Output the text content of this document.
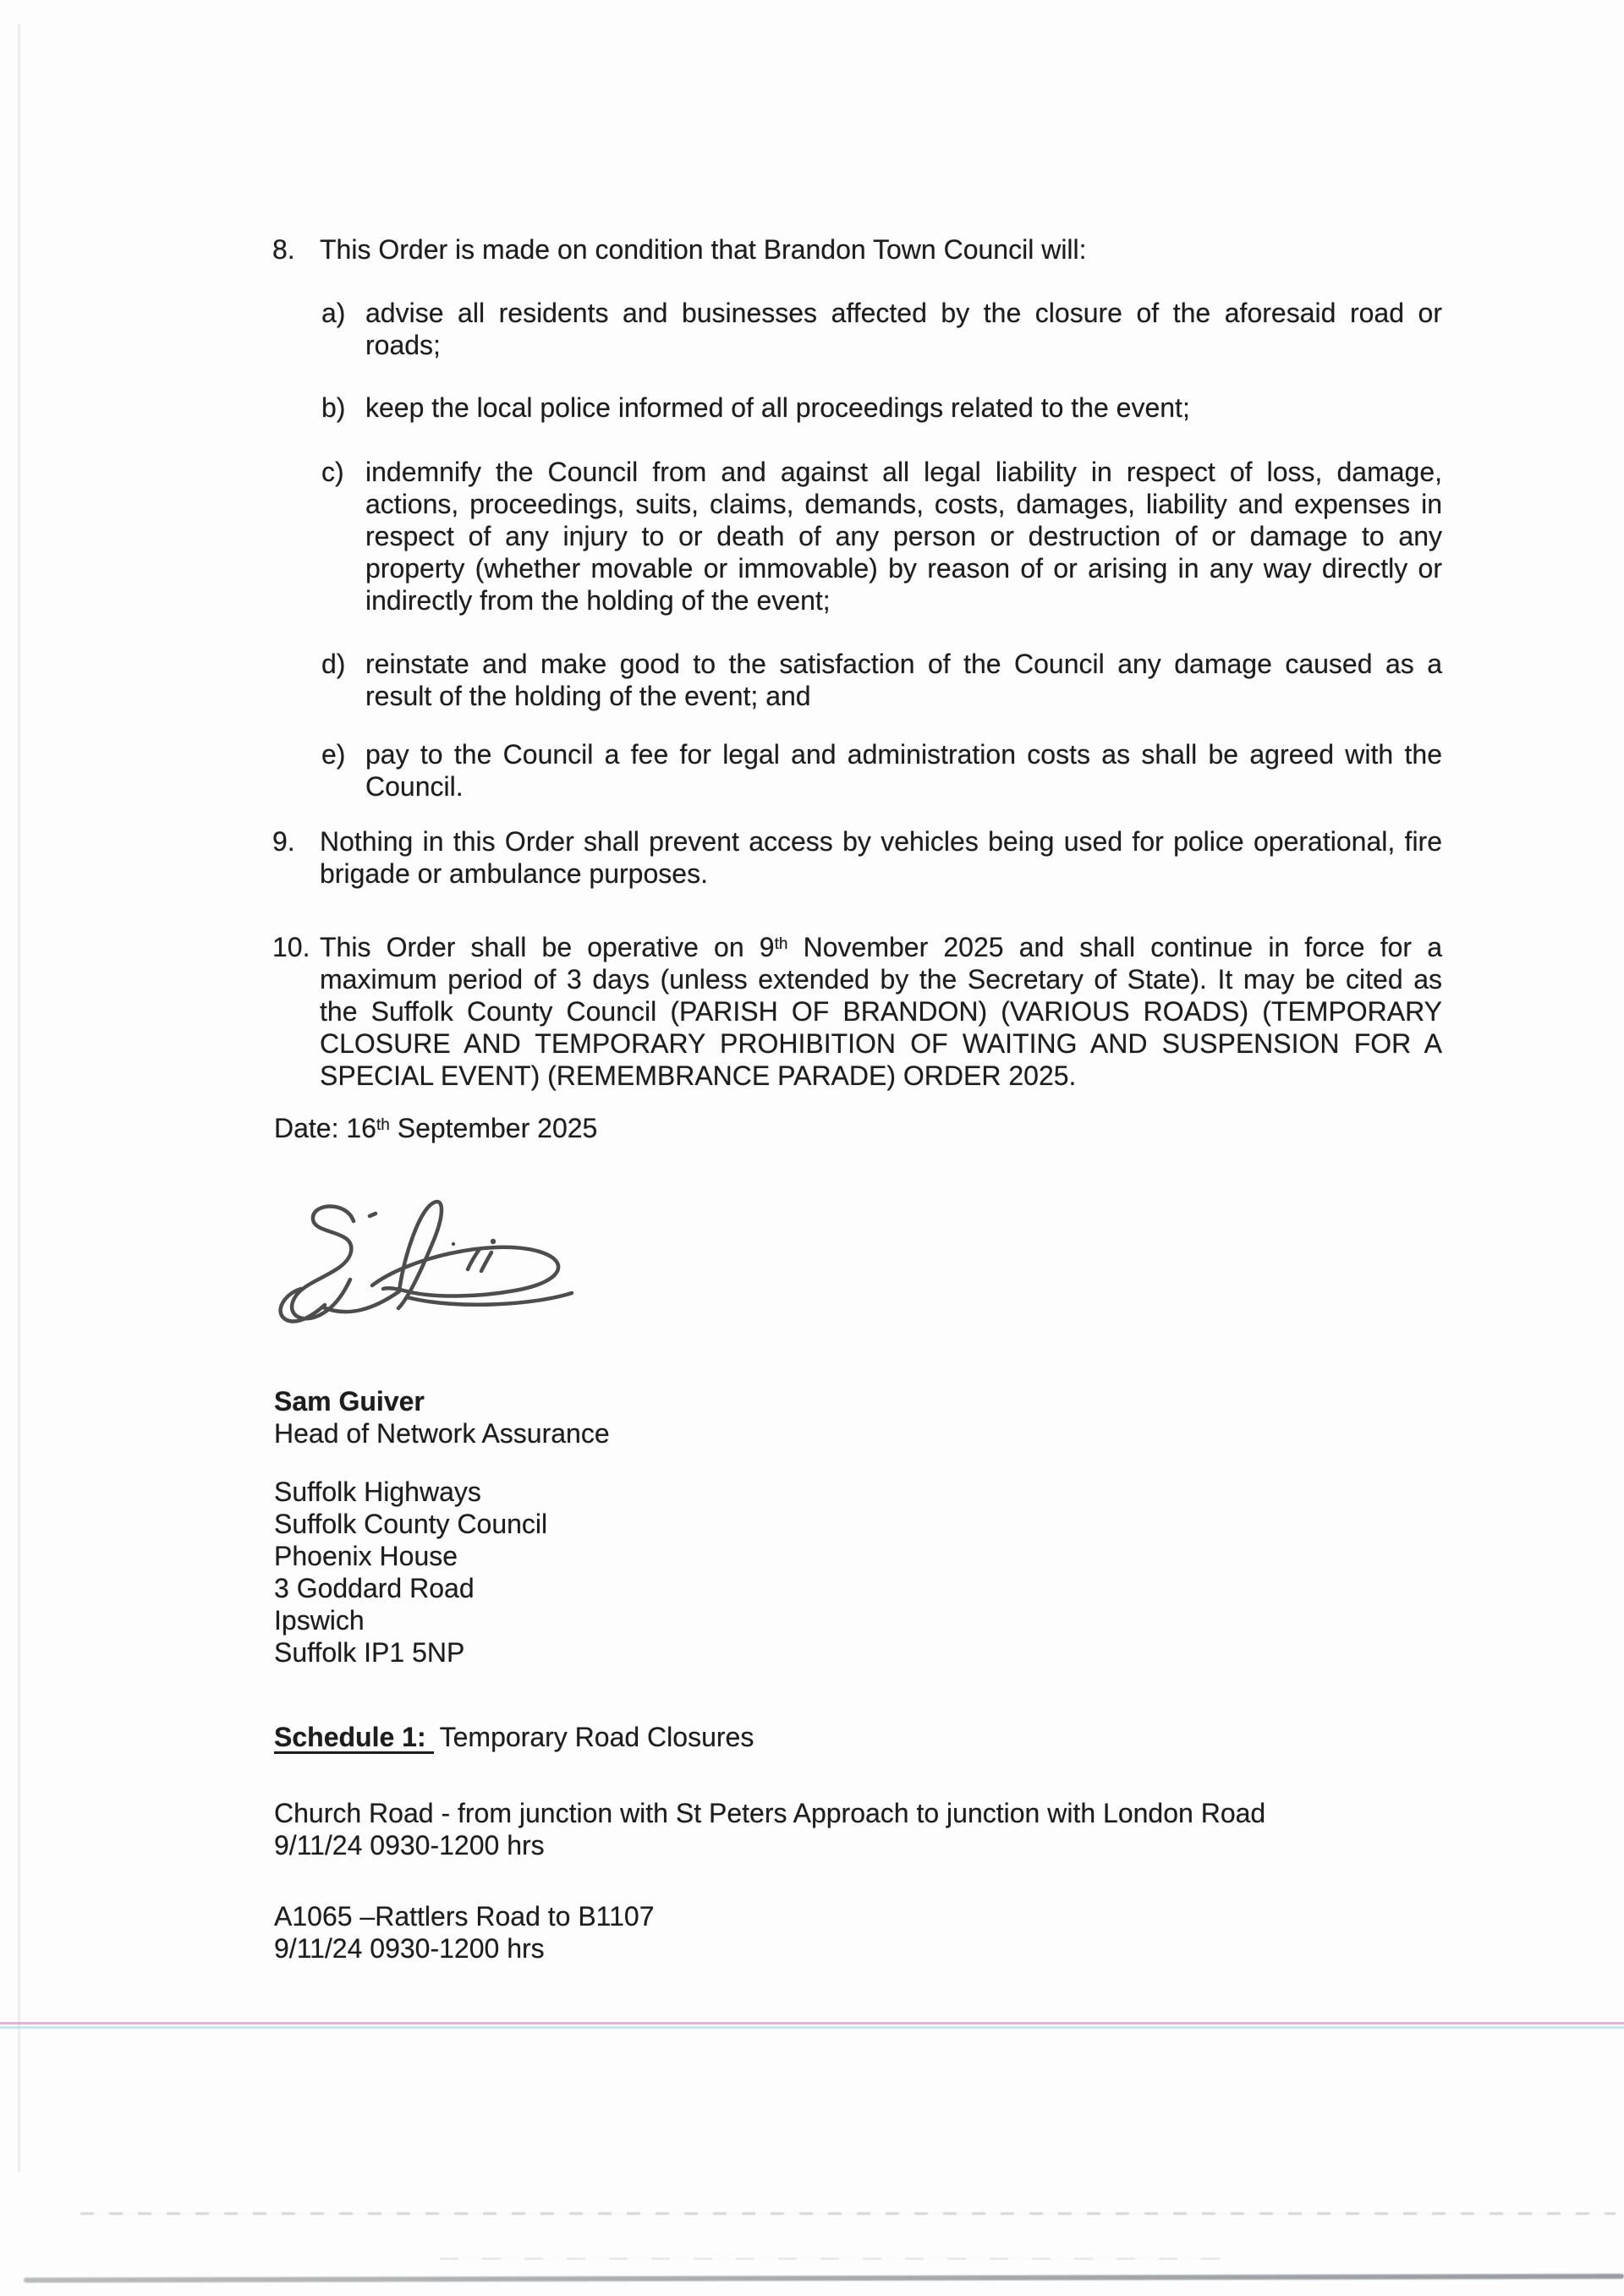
8. This Order is made on condition that Brandon Town Council will:
a) advise all residents and businesses affected by the closure of the aforesaid road or
roads;
b) keep the local police informed of all proceedings related to the event;
c) indemnify the Council from and against all legal liability in respect of loss, damage,
actions, proceedings, suits, claims, demands, costs, damages, liability and expenses in
respect of any injury to or death of any person or destruction of or damage to any
property (whether movable or immovable) by reason of or arising in any way directly or
indirectly from the holding of the event;
d) reinstate and make good to the satisfaction of the Council any damage caused as a
result of the holding of the event; and
e) pay to the Council a fee for legal and administration costs as shall be agreed with the
Council.
9. Nothing in this Order shall prevent access by vehicles being used for police operational, fire
brigade or ambulance purposes.
10. This Order shall be operative on 9th November 2025 and shall continue in force for a
maximum period of 3 days (unless extended by the Secretary of State). It may be cited as
the Suffolk County Council (PARISH OF BRANDON) (VARIOUS ROADS) (TEMPORARY
CLOSURE AND TEMPORARY PROHIBITION OF WAITING AND SUSPENSION FOR A
SPECIAL EVENT) (REMEMBRANCE PARADE) ORDER 2025.
Date: 16th September 2025
Sam Guiver
Head of Network Assurance
Suffolk Highways
Suffolk County Council
Phoenix House
3 Goddard Road
Ipswich
Suffolk IP1 5NP
Schedule 1: Temporary Road Closures
Church Road - from junction with St Peters Approach to junction with London Road
9/11/24 0930-1200 hrs
A1065 –Rattlers Road to B1107
9/11/24 0930-1200 hrs
